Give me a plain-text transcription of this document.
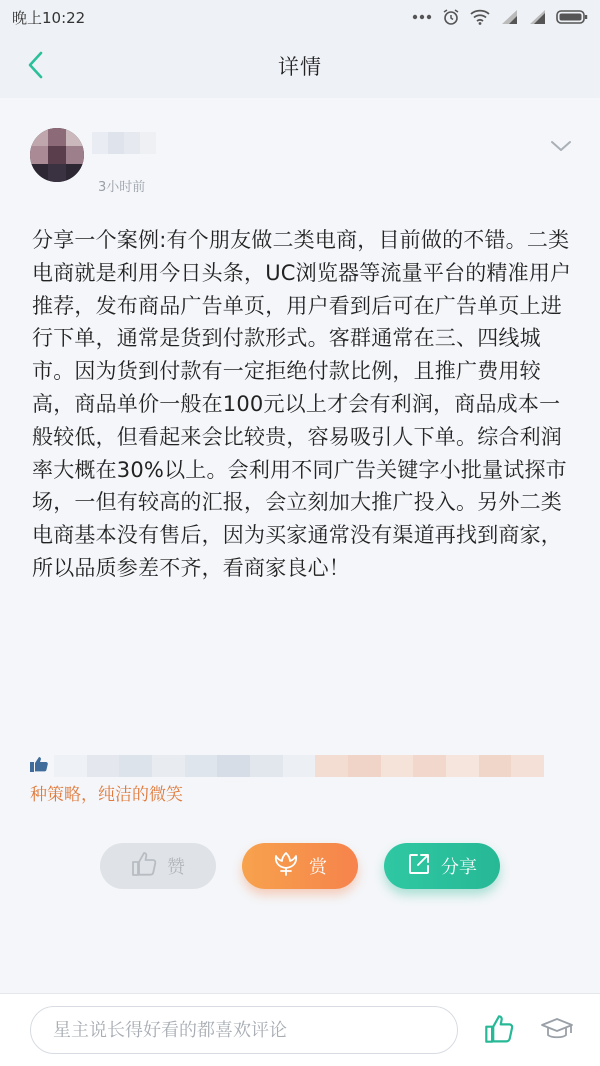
晚上10:22
详情
3小时前
分享一个案例:有个朋友做二类电商，目前做的不错。二类电商就是利用今日头条，UC浏览器等流量平台的精准用户推荐，发布商品广告单页，用户看到后可在广告单页上进行下单，通常是货到付款形式。客群通常在三、四线城市。因为货到付款有一定拒绝付款比例，且推广费用较高，商品单价一般在100元以上才会有利润，商品成本一般较低，但看起来会比较贵，容易吸引人下单。综合利润率大概在30%以上。会利用不同广告关键字小批量试探市场，一但有较高的汇报，会立刻加大推广投入。另外二类电商基本没有售后，因为买家通常没有渠道再找到商家，所以品质参差不齐，看商家良心！
种策略，纯洁的微笑
赞	赏	分享
星主说长得好看的都喜欢评论
